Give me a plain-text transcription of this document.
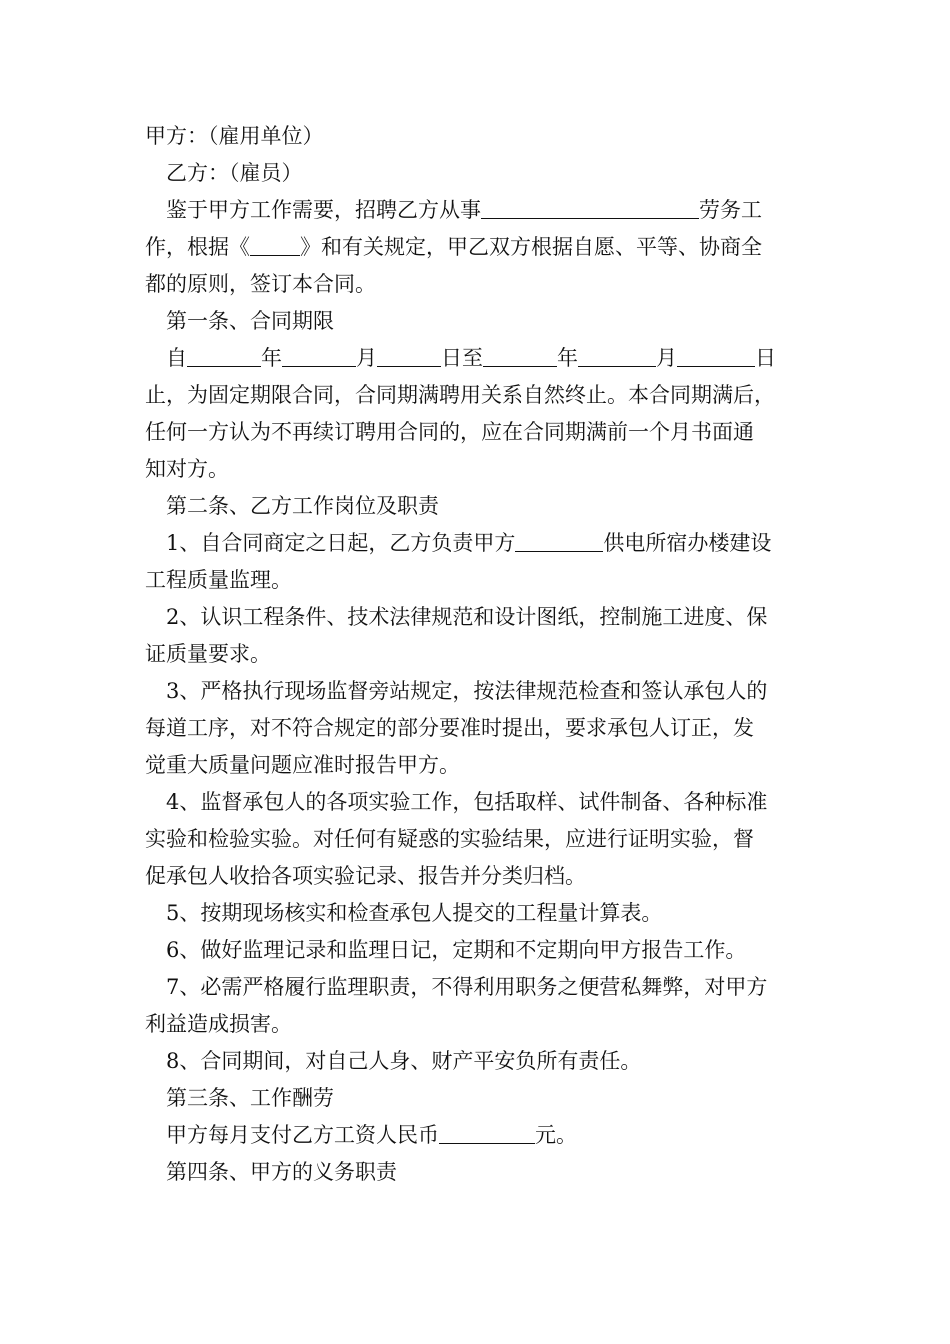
甲方：（雇用单位）
乙方：（雇员）
鉴于甲方工作需要，招聘乙方从事	劳务工
作，根据《 》和有关规定，甲乙双方根据自愿、平等、协商全
都的原则，签订本合同。
第一条、合同期限
自	年	月	日至	年	月	日
止，为固定期限合同，合同期满聘用关系自然终止。本合同期满后，
任何一方认为不再续订聘用合同的，应在合同期满前一个月书面通
知对方。
第二条、乙方工作岗位及职责
1、自合同商定之日起，乙方负责甲方	供电所宿办楼建设
工程质量监理。
2、认识工程条件、技术法律规范和设计图纸，控制施工进度、保
证质量要求。
3、严格执行现场监督旁站规定，按法律规范检查和签认承包人的
每道工序，对不符合规定的部分要准时提出，要求承包人订正，发
觉重大质量问题应准时报告甲方。
4、监督承包人的各项实验工作，包括取样、试件制备、各种标准
实验和检验实验。对任何有疑惑的实验结果，应进行证明实验，督
促承包人收拾各项实验记录、报告并分类归档。
5、按期现场核实和检查承包人提交的工程量计算表。
6、做好监理记录和监理日记，定期和不定期向甲方报告工作。
7、必需严格履行监理职责，不得利用职务之便营私舞弊，对甲方
利益造成损害。
8、合同期间，对自己人身、财产平安负所有责任。
第三条、工作酬劳
甲方每月支付乙方工资人民币	元。
第四条、甲方的义务职责
